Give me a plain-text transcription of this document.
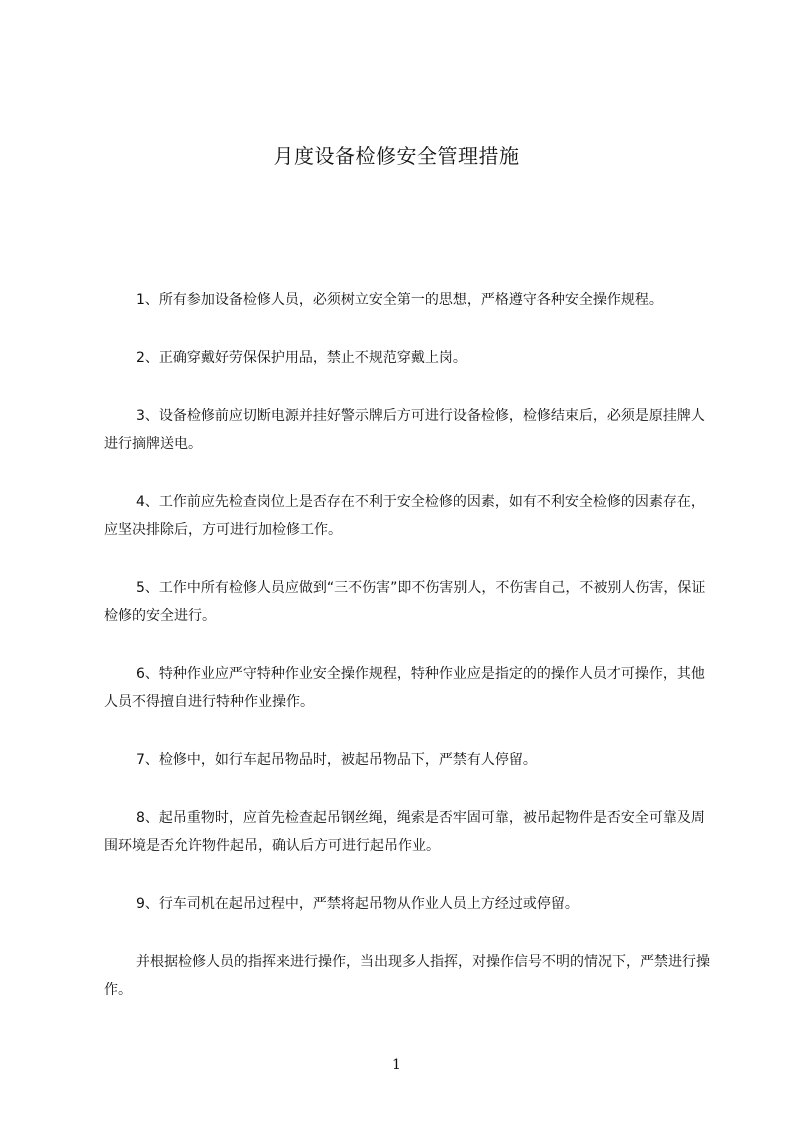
月度设备检修安全管理措施

1、所有参加设备检修人员，必须树立安全第一的思想，严格遵守各种安全操作规程。

2、正确穿戴好劳保保护用品，禁止不规范穿戴上岗。

3、设备检修前应切断电源并挂好警示牌后方可进行设备检修，检修结束后，必须是原挂牌人进行摘牌送电。

4、工作前应先检查岗位上是否存在不利于安全检修的因素，如有不利安全检修的因素存在，应坚决排除后，方可进行加检修工作。

5、工作中所有检修人员应做到“三不伤害”即不伤害别人，不伤害自己，不被别人伤害，保证检修的安全进行。

6、特种作业应严守特种作业安全操作规程，特种作业应是指定的的操作人员才可操作，其他人员不得擅自进行特种作业操作。

7、检修中，如行车起吊物品时，被起吊物品下，严禁有人停留。

8、起吊重物时，应首先检查起吊钢丝绳，绳索是否牢固可靠，被吊起物件是否安全可靠及周围环境是否允许物件起吊，确认后方可进行起吊作业。

9、行车司机在起吊过程中，严禁将起吊物从作业人员上方经过或停留。

并根据检修人员的指挥来进行操作，当出现多人指挥，对操作信号不明的情况下，严禁进行操作。

1
